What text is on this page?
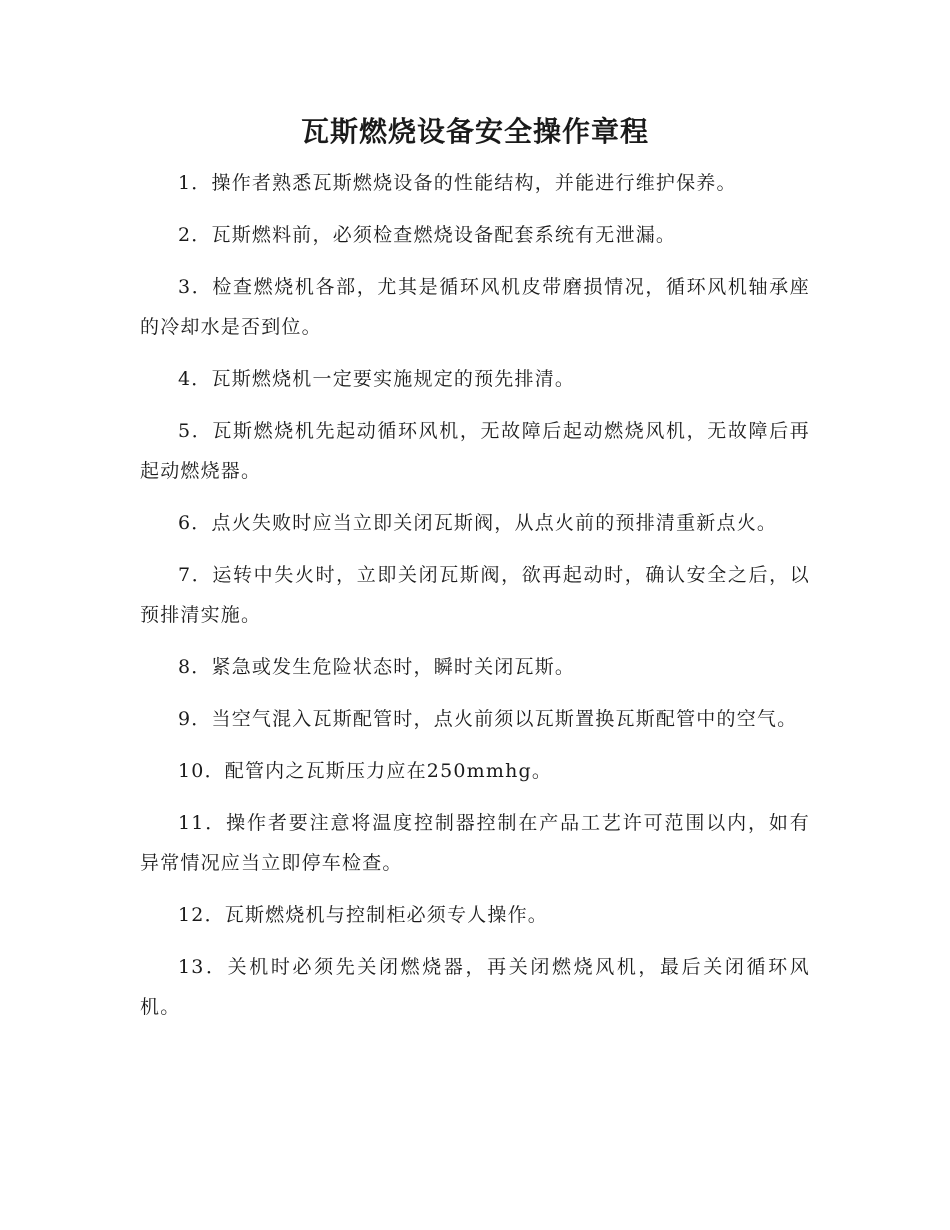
瓦斯燃烧设备安全操作章程

1．操作者熟悉瓦斯燃烧设备的性能结构，并能进行维护保养。

2．瓦斯燃料前，必须检查燃烧设备配套系统有无泄漏。

3．检查燃烧机各部，尤其是循环风机皮带磨损情况，循环风机轴承座的冷却水是否到位。

4．瓦斯燃烧机一定要实施规定的预先排清。

5．瓦斯燃烧机先起动循环风机，无故障后起动燃烧风机，无故障后再起动燃烧器。

6．点火失败时应当立即关闭瓦斯阀，从点火前的预排清重新点火。

7．运转中失火时，立即关闭瓦斯阀，欲再起动时，确认安全之后，以预排清实施。

8．紧急或发生危险状态时，瞬时关闭瓦斯。

9．当空气混入瓦斯配管时，点火前须以瓦斯置换瓦斯配管中的空气。

10．配管内之瓦斯压力应在250mmhg。

11．操作者要注意将温度控制器控制在产品工艺许可范围以内，如有异常情况应当立即停车检查。

12．瓦斯燃烧机与控制柜必须专人操作。

13．关机时必须先关闭燃烧器，再关闭燃烧风机，最后关闭循环风机。
